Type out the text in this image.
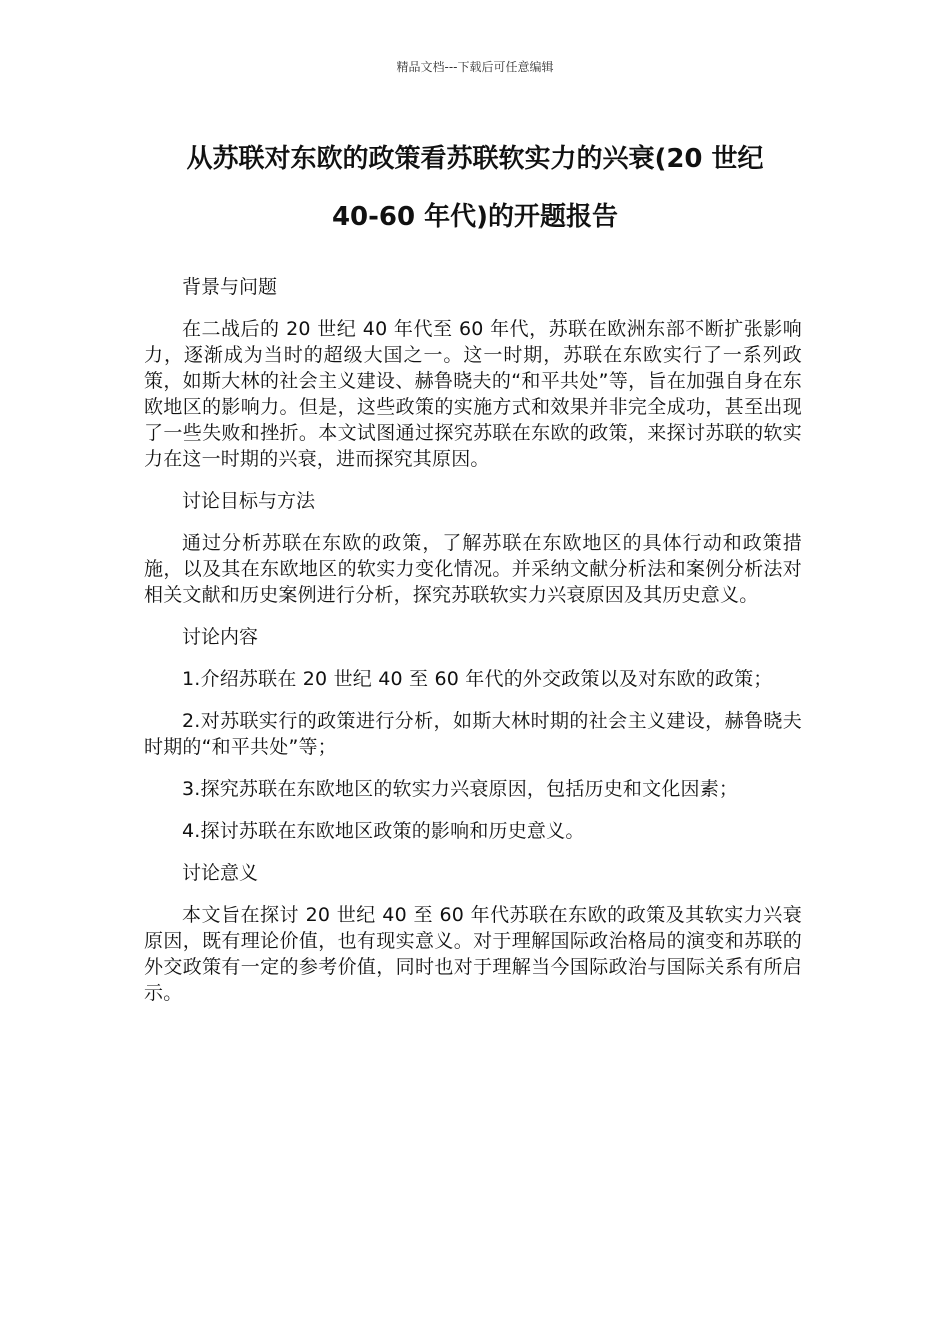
精品文档---下载后可任意编辑
从苏联对东欧的政策看苏联软实力的兴衰(20 世纪
40-60 年代)的开题报告

背景与问题

在二战后的 20 世纪 40 年代至 60 年代，苏联在欧洲东部不断扩张影响力，逐渐成为当时的超级大国之一。这一时期，苏联在东欧实行了一系列政策，如斯大林的社会主义建设、赫鲁晓夫的“和平共处”等，旨在加强自身在东欧地区的影响力。但是，这些政策的实施方式和效果并非完全成功，甚至出现了一些失败和挫折。本文试图通过探究苏联在东欧的政策，来探讨苏联的软实力在这一时期的兴衰，进而探究其原因。

讨论目标与方法

通过分析苏联在东欧的政策，了解苏联在东欧地区的具体行动和政策措施，以及其在东欧地区的软实力变化情况。并采纳文献分析法和案例分析法对相关文献和历史案例进行分析，探究苏联软实力兴衰原因及其历史意义。

讨论内容

1.介绍苏联在 20 世纪 40 至 60 年代的外交政策以及对东欧的政策；

2.对苏联实行的政策进行分析，如斯大林时期的社会主义建设，赫鲁晓夫时期的“和平共处”等；

3.探究苏联在东欧地区的软实力兴衰原因，包括历史和文化因素；

4.探讨苏联在东欧地区政策的影响和历史意义。

讨论意义

本文旨在探讨 20 世纪 40 至 60 年代苏联在东欧的政策及其软实力兴衰原因，既有理论价值，也有现实意义。对于理解国际政治格局的演变和苏联的外交政策有一定的参考价值，同时也对于理解当今国际政治与国际关系有所启示。
